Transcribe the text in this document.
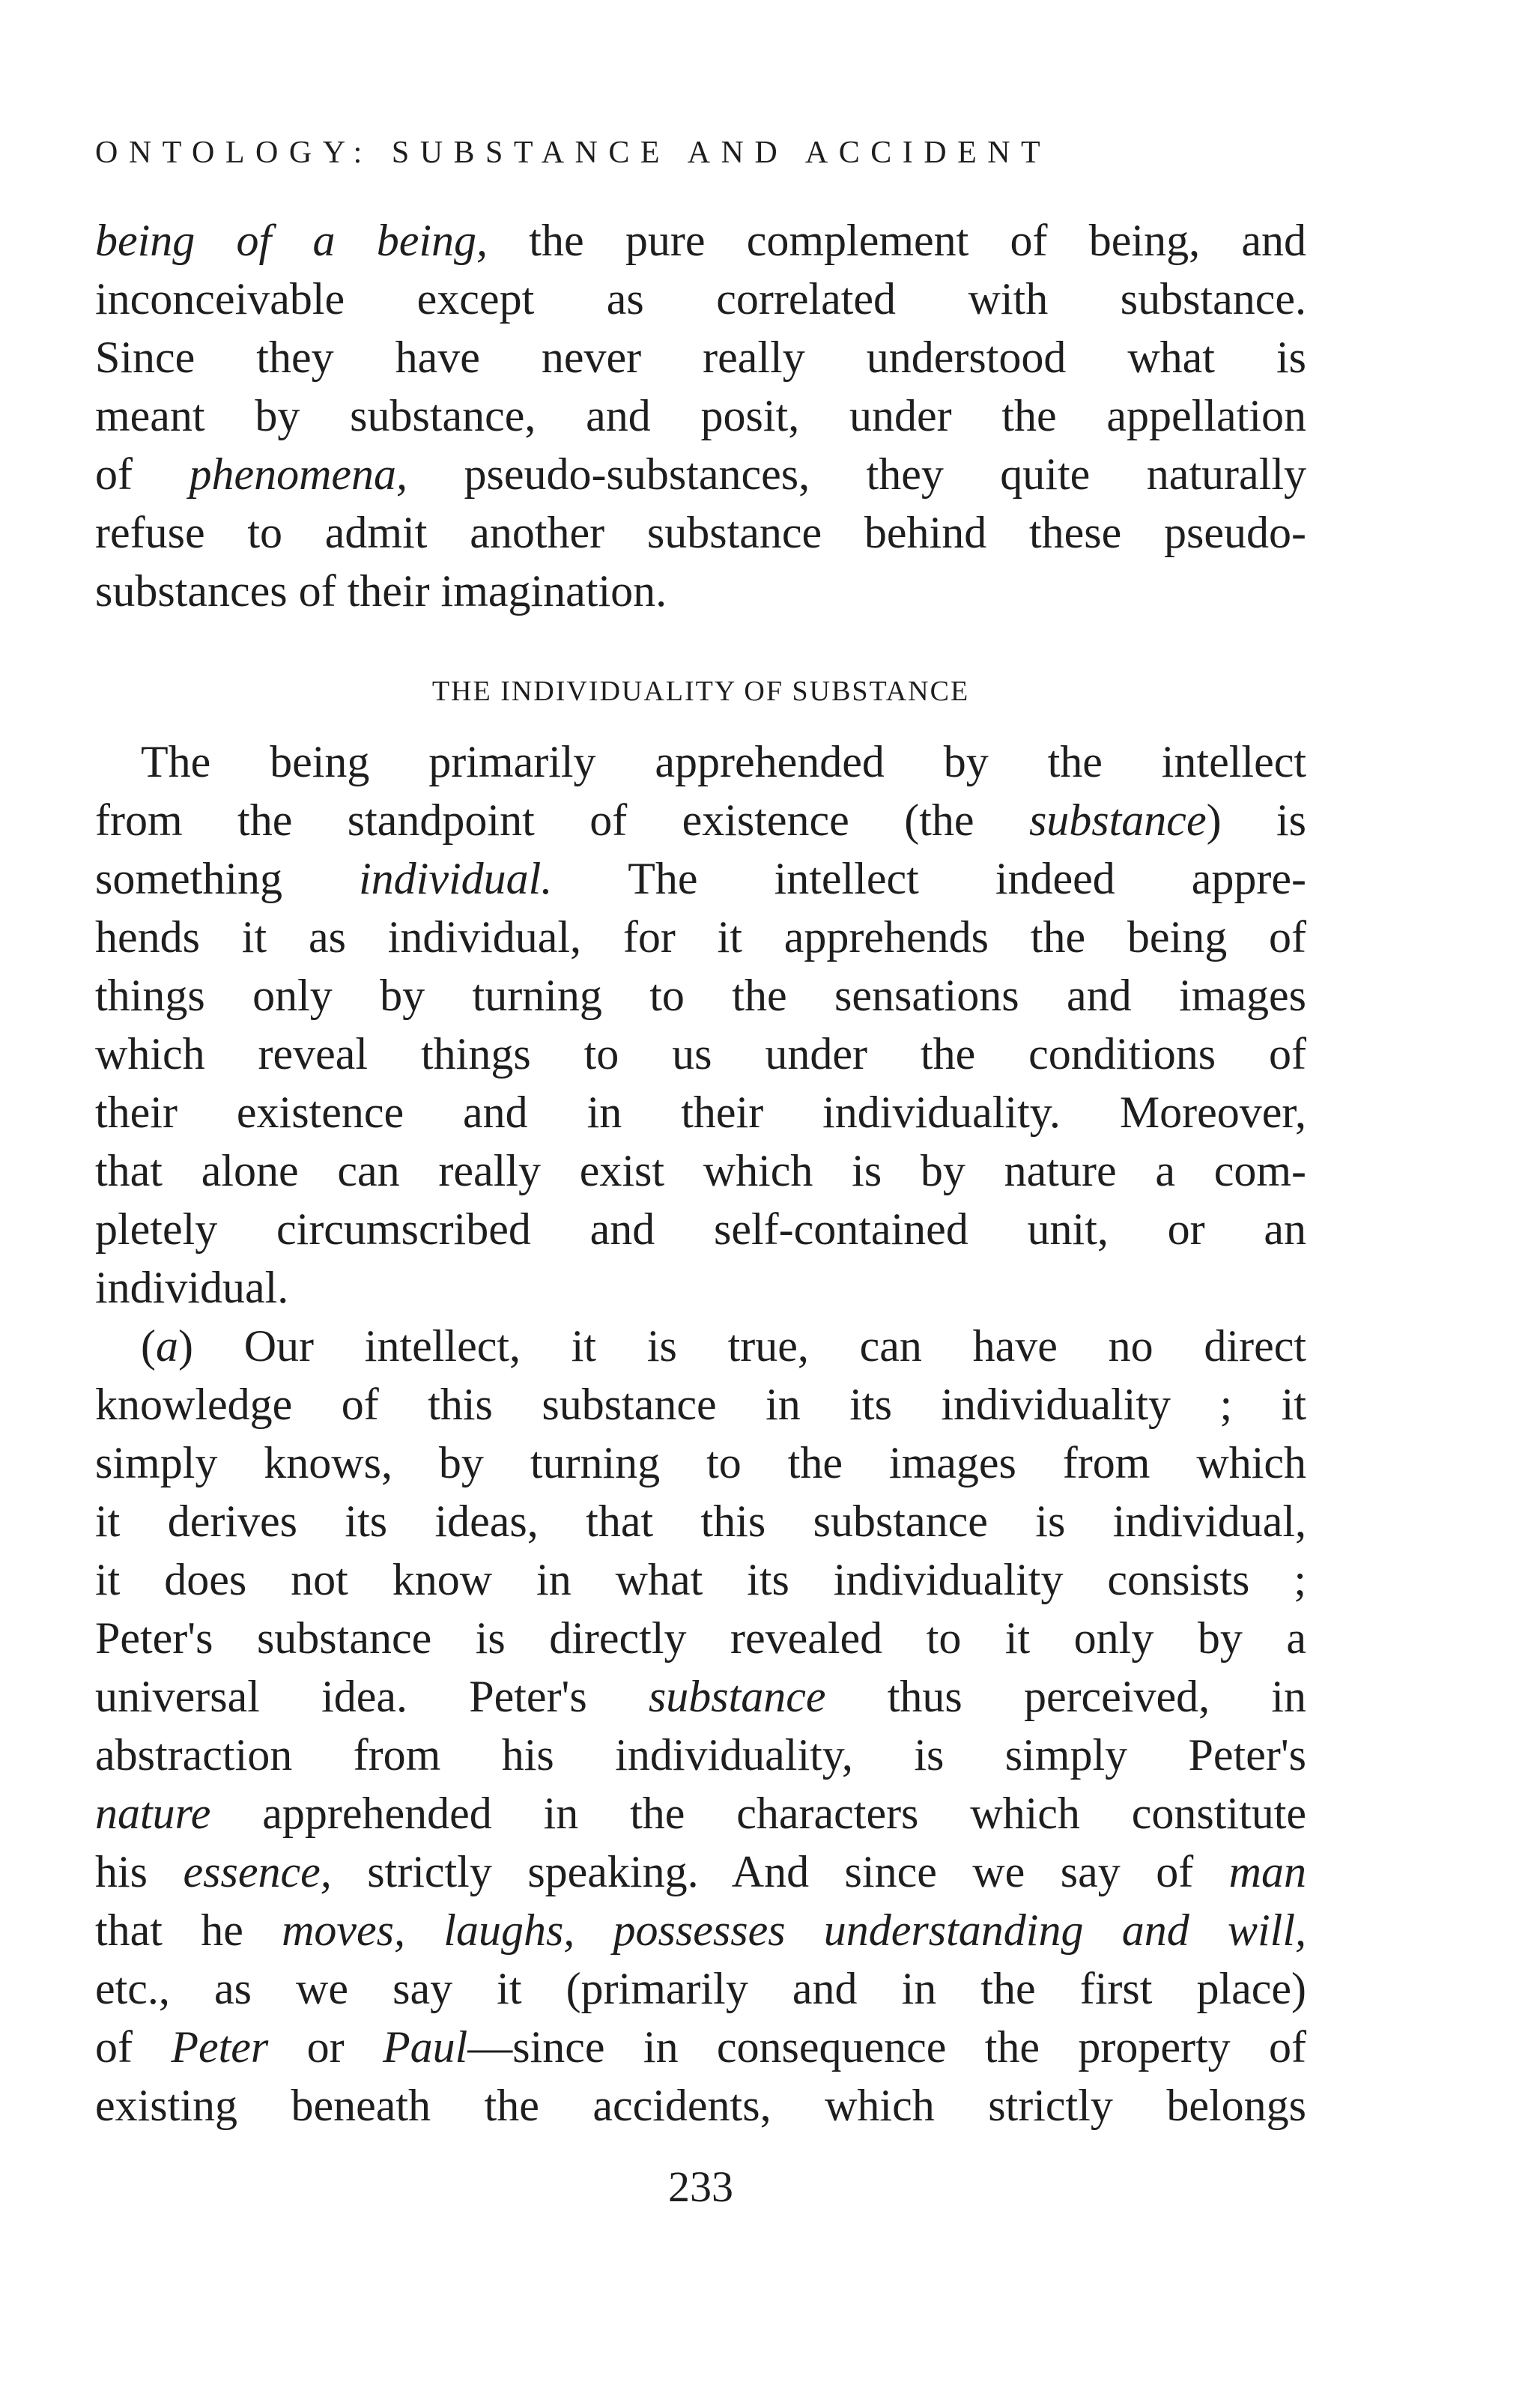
ONTOLOGY: SUBSTANCE AND ACCIDENT
being of a being, the pure complement of being, and
inconceivable except as correlated with substance.
Since they have never really understood what is
meant by substance, and posit, under the appellation
of phenomena, pseudo-substances, they quite naturally
refuse to admit another substance behind these pseudo-
substances of their imagination.
THE INDIVIDUALITY OF SUBSTANCE
The being primarily apprehended by the intellect
from the standpoint of existence (the substance) is
something individual. The intellect indeed appre-
hends it as individual, for it apprehends the being of
things only by turning to the sensations and images
which reveal things to us under the conditions of
their existence and in their individuality. Moreover,
that alone can really exist which is by nature a com-
pletely circumscribed and self-contained unit, or an
individual.
(a) Our intellect, it is true, can have no direct
knowledge of this substance in its individuality ; it
simply knows, by turning to the images from which
it derives its ideas, that this substance is individual,
it does not know in what its individuality consists ;
Peter's substance is directly revealed to it only by a
universal idea. Peter's substance thus perceived, in
abstraction from his individuality, is simply Peter's
nature apprehended in the characters which constitute
his essence, strictly speaking. And since we say of man
that he moves, laughs, possesses understanding and will,
etc., as we say it (primarily and in the first place)
of Peter or Paul—since in consequence the property of
existing beneath the accidents, which strictly belongs
233
